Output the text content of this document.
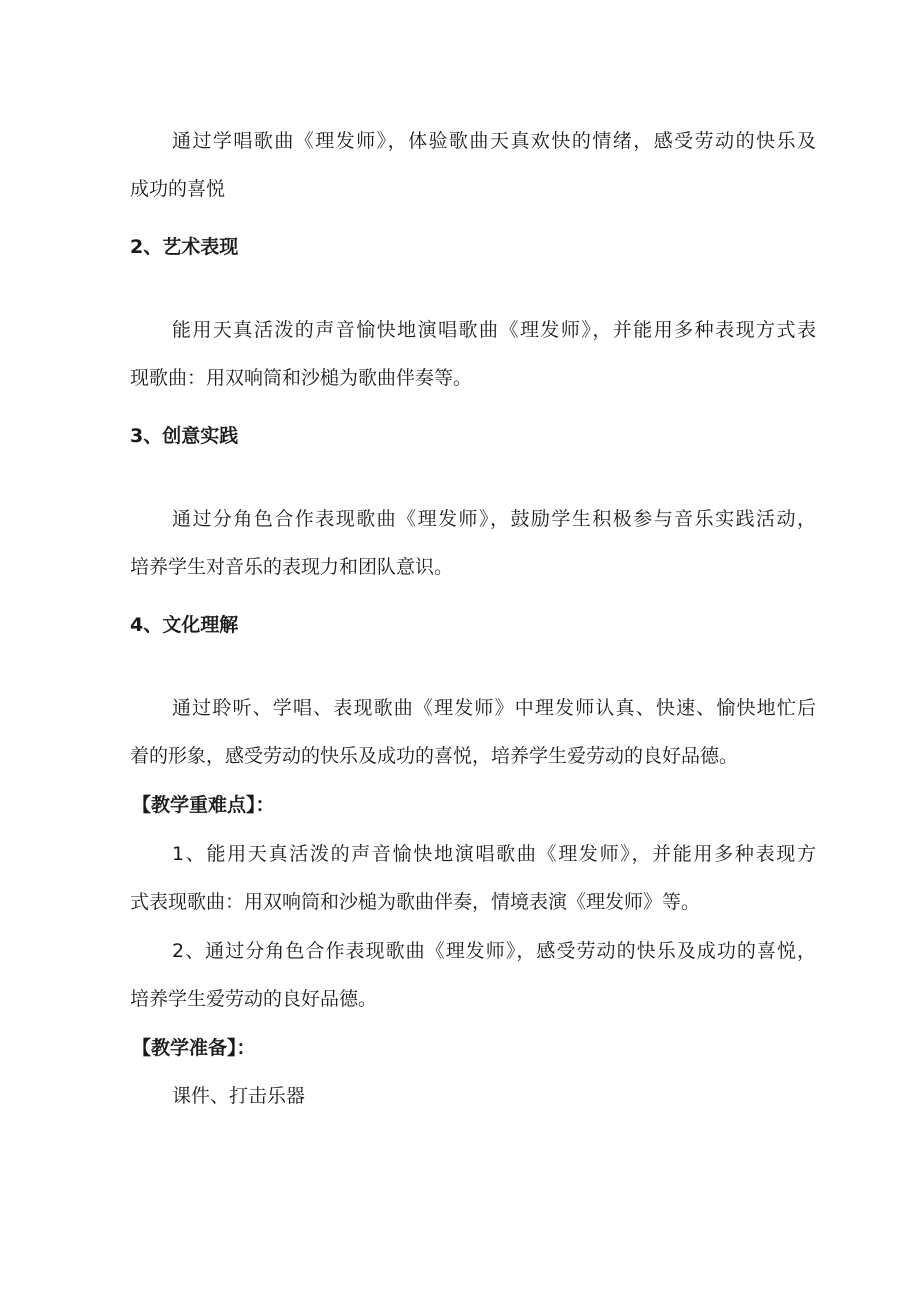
通过学唱歌曲《理发师》，体验歌曲天真欢快的情绪，感受劳动的快乐及
成功的喜悦
2、艺术表现
能用天真活泼的声音愉快地演唱歌曲《理发师》，并能用多种表现方式表
现歌曲：用双响筒和沙槌为歌曲伴奏等。
3、创意实践
通过分角色合作表现歌曲《理发师》，鼓励学生积极参与音乐实践活动，
培养学生对音乐的表现力和团队意识。
4、文化理解
通过聆听、学唱、表现歌曲《理发师》中理发师认真、快速、愉快地忙后
着的形象，感受劳动的快乐及成功的喜悦，培养学生爱劳动的良好品德。
【教学重难点】：
1、能用天真活泼的声音愉快地演唱歌曲《理发师》，并能用多种表现方
式表现歌曲：用双响筒和沙槌为歌曲伴奏，情境表演《理发师》等。
2、通过分角色合作表现歌曲《理发师》，感受劳动的快乐及成功的喜悦，
培养学生爱劳动的良好品德。
【教学准备】：
课件、打击乐器
